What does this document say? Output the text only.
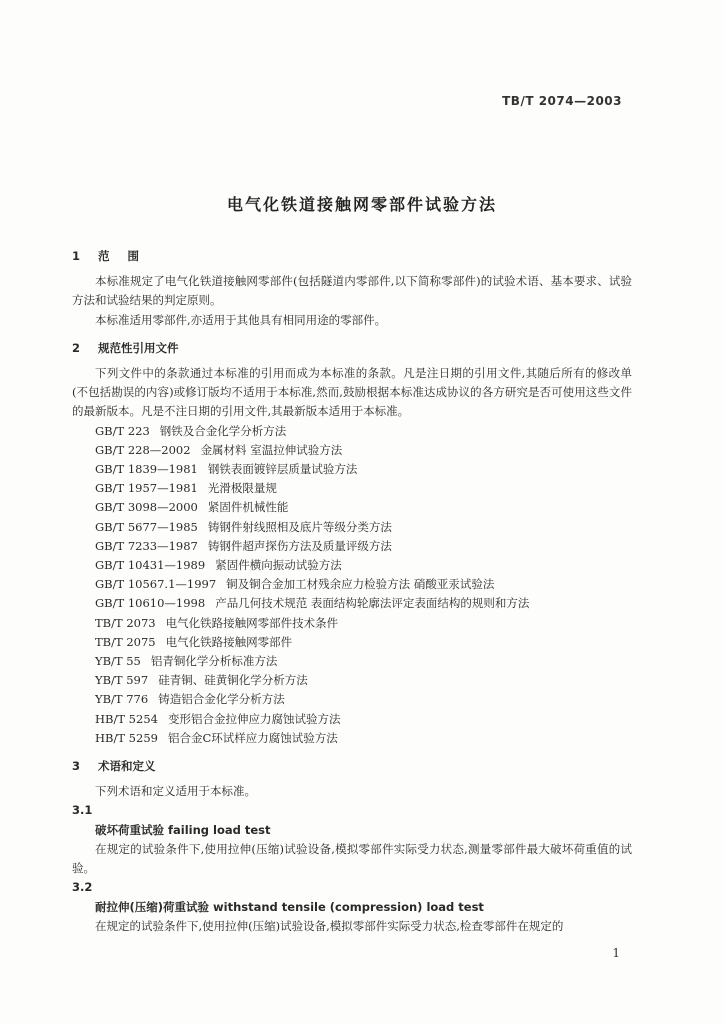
TB/T 2074—2003
电气化铁道接触网零部件试验方法
1 范围

本标准规定了电气化铁道接触网零部件(包括隧道内零部件,以下简称零部件)的试验术语、基本要求、试验方法和试验结果的判定原则。

本标准适用零部件,亦适用于其他具有相同用途的零部件。

2 规范性引用文件

下列文件中的条款通过本标准的引用而成为本标准的条款。凡是注日期的引用文件,其随后所有的修改单(不包括勘误的内容)或修订版均不适用于本标准,然而,鼓励根据本标准达成协议的各方研究是否可使用这些文件的最新版本。凡是不注日期的引用文件,其最新版本适用于本标准。

GB/T 223 钢铁及合金化学分析方法
GB/T 228—2002 金属材料 室温拉伸试验方法
GB/T 1839—1981 钢铁表面镀锌层质量试验方法
GB/T 1957—1981 光滑极限量规
GB/T 3098—2000 紧固件机械性能
GB/T 5677—1985 铸钢件射线照相及底片等级分类方法
GB/T 7233—1987 铸钢件超声探伤方法及质量评级方法
GB/T 10431—1989 紧固件横向振动试验方法
GB/T 10567.1—1997 铜及铜合金加工材残余应力检验方法 硝酸亚汞试验法
GB/T 10610—1998 产品几何技术规范 表面结构轮廓法评定表面结构的规则和方法
TB/T 2073 电气化铁路接触网零部件技术条件
TB/T 2075 电气化铁路接触网零部件
YB/T 55 铝青铜化学分析标准方法
YB/T 597 硅青铜、硅黄铜化学分析方法
YB/T 776 铸造铝合金化学分析方法
HB/T 5254 变形铝合金拉伸应力腐蚀试验方法
HB/T 5259 铝合金C环试样应力腐蚀试验方法
3 术语和定义

下列术语和定义适用于本标准。

3.1
破坏荷重试验 failing load test

在规定的试验条件下,使用拉伸(压缩)试验设备,模拟零部件实际受力状态,测量零部件最大破坏荷重值的试验。

3.2
耐拉伸(压缩)荷重试验 withstand tensile (compression) load test

在规定的试验条件下,使用拉伸(压缩)试验设备,模拟零部件实际受力状态,检查零部件在规定的

1
